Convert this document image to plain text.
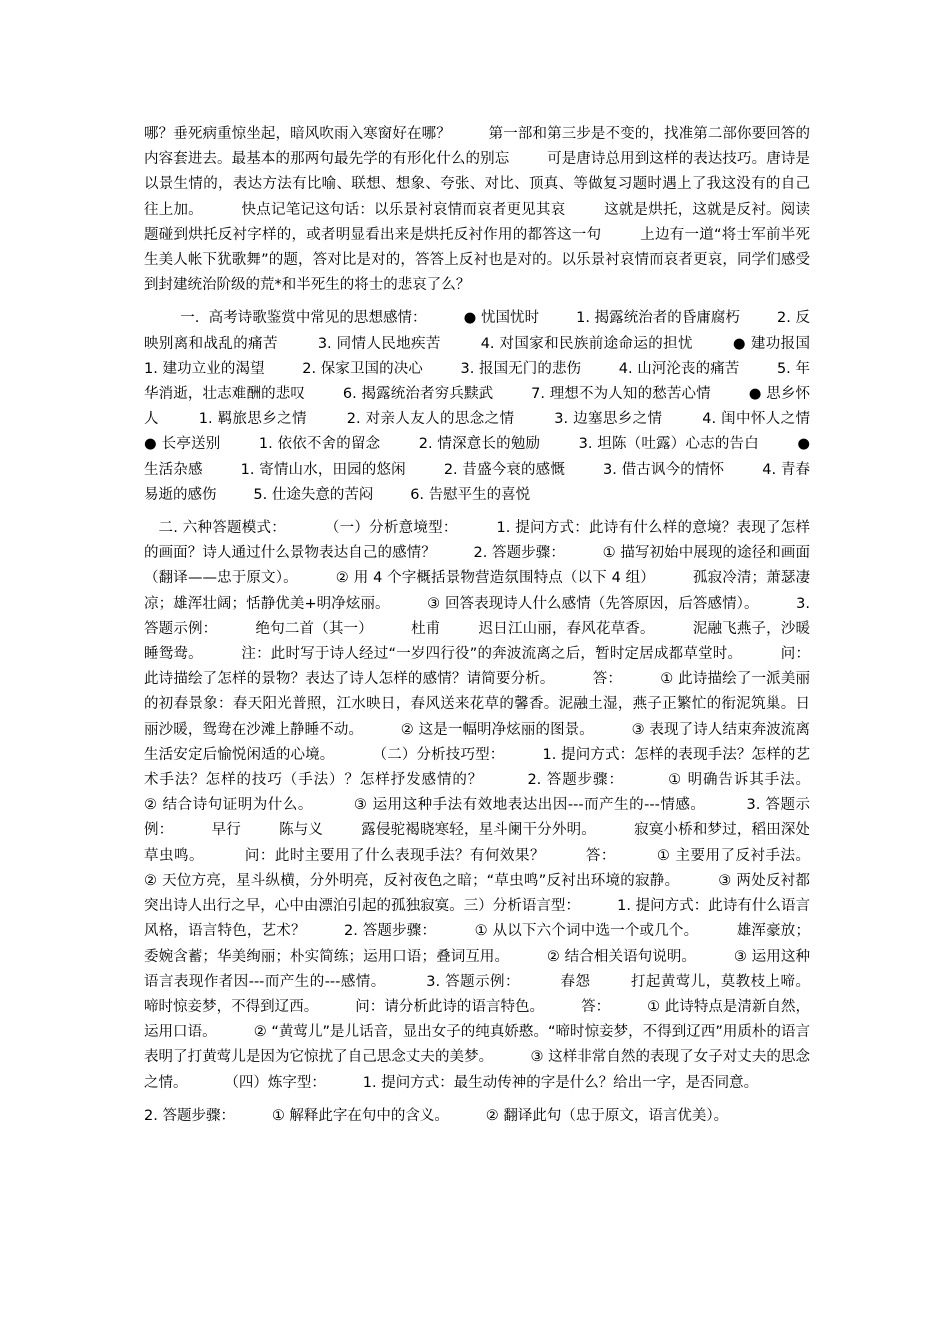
哪？垂死病重惊坐起，暗风吹雨入寒窗好在哪？        第一部和第三步是不变的，找准第二部你要回答的内容套进去。最基本的那两句最先学的有形化什么的别忘        可是唐诗总用到这样的表达技巧。唐诗是以景生情的，表达方法有比喻、联想、想象、夸张、对比、顶真、等做复习题时遇上了我这没有的自己往上加。        快点记笔记这句话：以乐景衬哀情而哀者更见其哀        这就是烘托，这就是反衬。阅读题碰到烘托反衬字样的，或者明显看出来是烘托反衬作用的都答这一句        上边有一道“将士军前半死生美人帐下犹歌舞”的题，答对比是对的，答答上反衬也是对的。以乐景衬哀情而哀者更哀，同学们感受到封建统治阶级的荒*和半死生的将士的悲哀了么？

一.  高考诗歌鉴赏中常见的思想感情：        ● 忧国忧时        1. 揭露统治者的昏庸腐朽        2. 反映别离和战乱的痛苦        3. 同情人民地疾苦        4. 对国家和民族前途命运的担忧        ● 建功报国        1. 建功立业的渴望        2. 保家卫国的决心        3. 报国无门的悲伤        4. 山河沦丧的痛苦        5. 年华消逝，壮志难酬的悲叹        6. 揭露统治者穷兵黩武        7. 理想不为人知的愁苦心情        ● 思乡怀人        1. 羁旅思乡之情        2. 对亲人友人的思念之情        3. 边塞思乡之情        4. 闺中怀人之情        ● 长亭送别        1. 依依不舍的留念        2. 情深意长的勉励        3. 坦陈（吐露）心志的告白        ● 生活杂感        1. 寄情山水，田园的悠闲        2. 昔盛今衰的感慨        3. 借古讽今的情怀        4. 青春易逝的感伤        5. 仕途失意的苦闷        6. 告慰平生的喜悦

二. 六种答题模式：        （一）分析意境型：        1. 提问方式：此诗有什么样的意境？表现了怎样的画面？诗人通过什么景物表达自己的感情？        2. 答题步骤：        ① 描写初始中展现的途径和画面（翻译——忠于原文）。        ② 用 4 个字概括景物营造氛围特点（以下 4 组）        孤寂冷清；萧瑟凄凉；雄浑壮阔；恬静优美+明净炫丽。        ③ 回答表现诗人什么感情（先答原因，后答感情）。        3. 答题示例：        绝句二首（其一）        杜甫        迟日江山丽，春风花草香。        泥融飞燕子，沙暖睡鸳鸯。        注：此时写于诗人经过“一岁四行役”的奔波流离之后，暂时定居成都草堂时。        问：此诗描绘了怎样的景物？表达了诗人怎样的感情？请简要分析。        答：        ① 此诗描绘了一派美丽的初春景象：春天阳光普照，江水映日，春风送来花草的馨香。泥融土湿，燕子正繁忙的衔泥筑巢。日丽沙暖，鸳鸯在沙滩上静睡不动。        ② 这是一幅明净炫丽的图景。        ③ 表现了诗人结束奔波流离生活安定后愉悦闲适的心境。        （二）分析技巧型：        1. 提问方式：怎样的表现手法？怎样的艺术手法？怎样的技巧（手法）？怎样抒发感情的？        2. 答题步骤：        ① 明确告诉其手法。        ② 结合诗句证明为什么。        ③ 运用这种手法有效地表达出因---而产生的---情感。        3. 答题示例：        早行        陈与义        露侵驼褐晓寒轻，星斗阑干分外明。        寂寞小桥和梦过，稻田深处草虫鸣。        问：此时主要用了什么表现手法？有何效果？        答：        ① 主要用了反衬手法。        ② 天位方亮，星斗纵横，分外明亮，反衬夜色之暗；“草虫鸣”反衬出环境的寂静。        ③ 两处反衬都突出诗人出行之早，心中由漂泊引起的孤独寂寞。三）分析语言型：        1. 提问方式：此诗有什么语言风格，语言特色，艺术？        2. 答题步骤：        ① 从以下六个词中选一个或几个。        雄浑豪放；委婉含蓄；华美绚丽；朴实简练；运用口语；叠词互用。        ② 结合相关语句说明。        ③ 运用这种语言表现作者因---而产生的---感情。        3. 答题示例：        春怨        打起黄莺儿，莫教枝上啼。        啼时惊妾梦，不得到辽西。        问：请分析此诗的语言特色。        答：        ① 此诗特点是清新自然，运用口语。        ② “黄莺儿”是儿话音，显出女子的纯真娇憨。“啼时惊妾梦，不得到辽西”用质朴的语言表明了打黄莺儿是因为它惊扰了自己思念丈夫的美梦。        ③ 这样非常自然的表现了女子对丈夫的思念之情。        （四）炼字型：        1. 提问方式：最生动传神的字是什么？给出一字，是否同意。

2. 答题步骤：        ① 解释此字在句中的含义。        ② 翻译此句（忠于原文，语言优美）。
